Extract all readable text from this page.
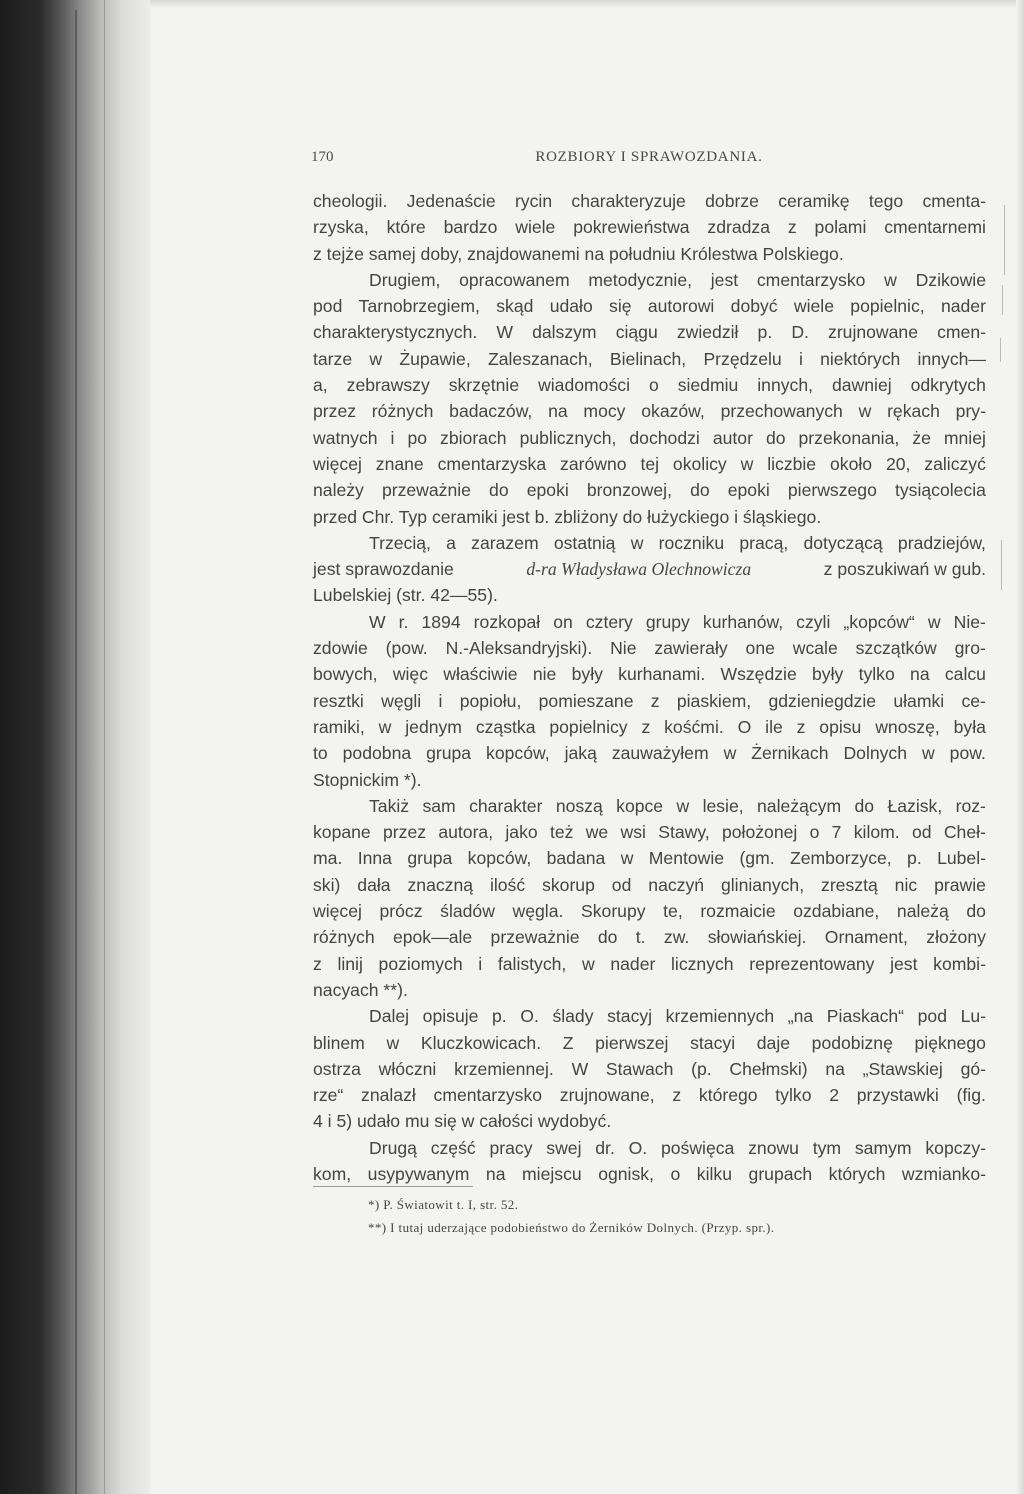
170	ROZBIORY I SPRAWOZDANIA.
cheologii. Jedenaście rycin charakteryzuje dobrze ceramikę tego cmenta-
rzyska, które bardzo wiele pokrewieństwa zdradza z polami cmentarnemi
z tejże samej doby, znajdowanemi na południu Królestwa Polskiego.
Drugiem, opracowanem metodycznie, jest cmentarzysko w Dzikowie
pod Tarnobrzegiem, skąd udało się autorowi dobyć wiele popielnic, nader
charakterystycznych. W dalszym ciągu zwiedził p. D. zrujnowane cmen-
tarze w Żupawie, Zaleszanach, Bielinach, Przędzelu i niektórych innych—
a, zebrawszy skrzętnie wiadomości o siedmiu innych, dawniej odkrytych
przez różnych badaczów, na mocy okazów, przechowanych w rękach pry-
watnych i po zbiorach publicznych, dochodzi autor do przekonania, że mniej
więcej znane cmentarzyska zarówno tej okolicy w liczbie około 20, zaliczyć
należy przeważnie do epoki bronzowej, do epoki pierwszego tysiącolecia
przed Chr. Typ ceramiki jest b. zbliżony do łużyckiego i śląskiego.
Trzecią, a zarazem ostatnią w roczniku pracą, dotyczącą pradziejów,
jest sprawozdanie	d-ra Władysława Olechnowicza	z poszukiwań w gub.
Lubelskiej (str. 42—55).
W r. 1894 rozkopał on cztery grupy kurhanów, czyli „kopców“ w Nie-
zdowie (pow. N.-Aleksandryjski). Nie zawierały one wcale szczątków gro-
bowych, więc właściwie nie były kurhanami. Wszędzie były tylko na calcu
resztki węgli i popiołu, pomieszane z piaskiem, gdzieniegdzie ułamki ce-
ramiki, w jednym cząstka popielnicy z kośćmi. O ile z opisu wnoszę, była
to podobna grupa kopców, jaką zauważyłem w Żernikach Dolnych w pow.
Stopnickim *).
Takiż sam charakter noszą kopce w lesie, należącym do Łazisk, roz-
kopane przez autora, jako też we wsi Stawy, położonej o 7 kilom. od Cheł-
ma. Inna grupa kopców, badana w Mentowie (gm. Zemborzyce, p. Lubel-
ski) dała znaczną ilość skorup od naczyń glinianych, zresztą nic prawie
więcej prócz śladów węgla. Skorupy te, rozmaicie ozdabiane, należą do
różnych epok—ale przeważnie do t. zw. słowiańskiej. Ornament, złożony
z linij poziomych i falistych, w nader licznych reprezentowany jest kombi-
nacyach **).
Dalej opisuje p. O. ślady stacyj krzemiennych „na Piaskach“ pod Lu-
blinem w Kluczkowicach. Z pierwszej stacyi daje podobiznę pięknego
ostrza włóczni krzemiennej. W Stawach (p. Chełmski) na „Stawskiej gó-
rze“ znalazł cmentarzysko zrujnowane, z którego tylko 2 przystawki (fig.
4 i 5) udało mu się w całości wydobyć.
Drugą część pracy swej dr. O. poświęca znowu tym samym kopczy-
kom, usypywanym na miejscu ognisk, o kilku grupach których wzmianko-
*) P. Światowit t. I, str. 52.
**) I tutaj uderzające podobieństwo do Żerników Dolnych. (Przyp. spr.).
